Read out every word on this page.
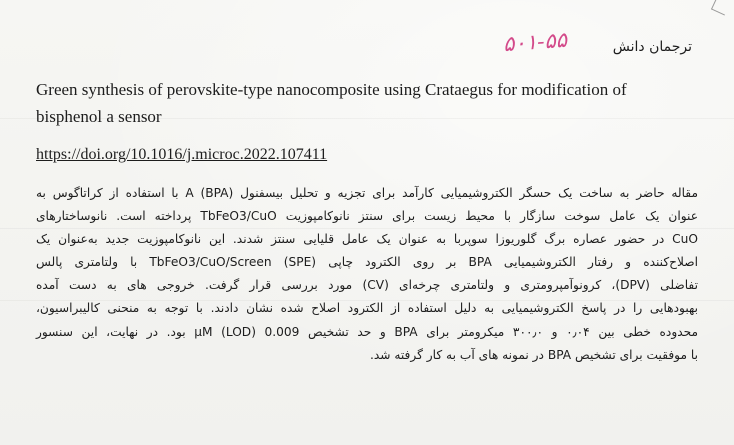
۵۰۱-۵۵	ترجمان دانش
Green synthesis of perovskite-type nanocomposite using Crataegus for modification of bisphenol a sensor
https://doi.org/10.1016/j.microc.2022.107411

مقاله حاضر به ساخت یک حسگر الکتروشیمیایی کارآمد برای تجزیه و تحلیل بیسفنول A (BPA) با استفاده از کراتاگوس به

عنوان یک عامل سوخت سازگار با محیط زیست برای سنتز نانوکامپوزیت TbFeO3/CuO پرداخته است. نانوساختارهای

CuO در حضور عصاره برگ گلوریوزا سوپربا به عنوان یک عامل قلیایی سنتز شدند. این نانوکامپوزیت جدید به‌عنوان یک

اصلاح‌کننده و رفتار الکتروشیمیایی BPA بر روی الکترود چاپی TbFeO3/CuO/Screen (SPE) با ولتامتری پالس

تفاضلی (DPV)، کرونوآمپرومتری و ولتامتری چرخه‌ای (CV) مورد بررسی قرار گرفت. خروجی های به دست آمده

بهبودهایی را در پاسخ الکتروشیمیایی به دلیل استفاده از الکترود اصلاح شده نشان دادند. با توجه به منحنی کالیبراسیون،

محدوده خطی بین ۰٫۰۴ و ۳۰۰٫۰ میکرومتر برای BPA و حد تشخیص 0.009 µM (LOD) بود. در نهایت، این سنسور

با موفقیت برای تشخیص BPA در نمونه های آب به کار گرفته شد.
